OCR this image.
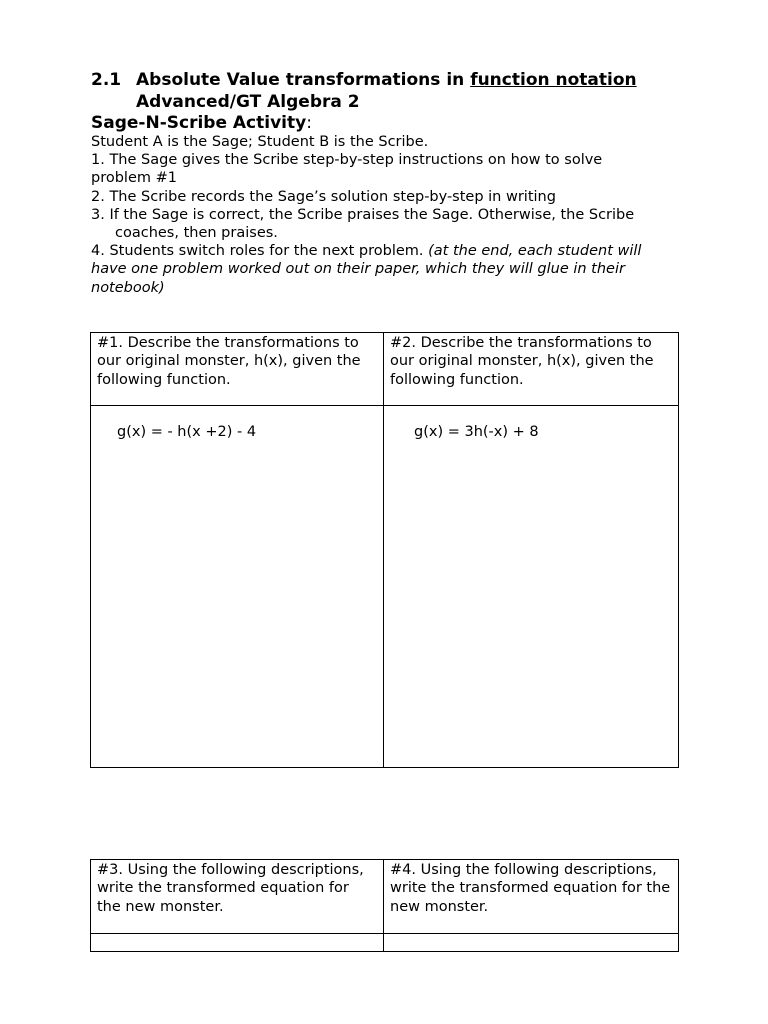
2.1 Absolute Value transformations in function notation
Advanced/GT Algebra 2
Sage-N-Scribe Activity:
Student A is the Sage; Student B is the Scribe.
1. The Sage gives the Scribe step-by-step instructions on how to solve problem #1
2. The Scribe records the Sage’s solution step-by-step in writing
3. If the Sage is correct, the Scribe praises the Sage. Otherwise, the Scribe
coaches, then praises.
4. Students switch roles for the next problem. (at the end, each student will have one problem worked out on their paper, which they will glue in their notebook)
#1. Describe the transformations to our original monster, h(x), given the following function.	#2. Describe the transformations to our original monster, h(x), given the following function.

g(x) = - h(x +2) - 4	g(x) = 3h(-x) + 8
#3. Using the following descriptions, write the transformed equation for the new monster.	#4. Using the following descriptions, write the transformed equation for the new monster.
